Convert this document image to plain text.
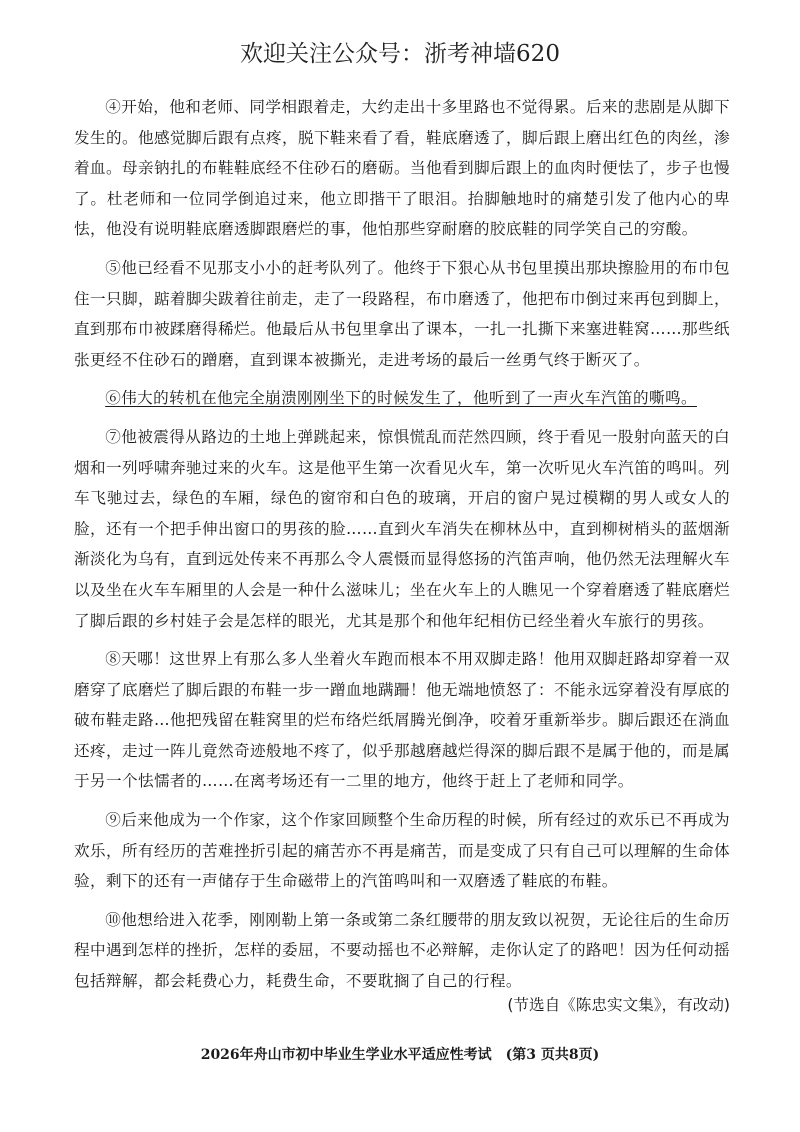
欢迎关注公众号：浙考神墙620

④开始，他和老师、同学相跟着走，大约走出十多里路也不觉得累。后来的悲剧是从脚下发生的。他感觉脚后跟有点疼，脱下鞋来看了看，鞋底磨透了，脚后跟上磨出红色的肉丝，渗着血。母亲钠扎的布鞋鞋底经不住砂石的磨砺。当他看到脚后跟上的血肉时便怯了，步子也慢了。杜老师和一位同学倒追过来，他立即揩干了眼泪。抬脚触地时的痛楚引发了他内心的卑怯，他没有说明鞋底磨透脚跟磨烂的事，他怕那些穿耐磨的胶底鞋的同学笑自己的穷酸。

⑤他已经看不见那支小小的赶考队列了。他终于下狠心从书包里摸出那块擦脸用的布巾包住一只脚，踮着脚尖跋着往前走，走了一段路程，布巾磨透了，他把布巾倒过来再包到脚上，直到那布巾被蹂磨得稀烂。他最后从书包里拿出了课本，一扎一扎撕下来塞进鞋窝……那些纸张更经不住砂石的蹭磨，直到课本被撕光，走进考场的最后一丝勇气终于断灭了。

⑥伟大的转机在他完全崩溃刚刚坐下的时候发生了，他听到了一声火车汽笛的嘶鸣。

⑦他被震得从路边的土地上弹跳起来，惊惧慌乱而茫然四顾，终于看见一股射向蓝天的白烟和一列呼啸奔驰过来的火车。这是他平生第一次看见火车，第一次听见火车汽笛的鸣叫。列车飞驰过去，绿色的车厢，绿色的窗帘和白色的玻璃，开启的窗户晃过模糊的男人或女人的脸，还有一个把手伸出窗口的男孩的脸……直到火车消失在柳林丛中，直到柳树梢头的蓝烟渐渐淡化为乌有，直到远处传来不再那么令人震慑而显得悠扬的汽笛声响，他仍然无法理解火车以及坐在火车车厢里的人会是一种什么滋味儿；坐在火车上的人瞧见一个穿着磨透了鞋底磨烂了脚后跟的乡村娃子会是怎样的眼光，尤其是那个和他年纪相仿已经坐着火车旅行的男孩。

⑧天哪！这世界上有那么多人坐着火车跑而根本不用双脚走路！他用双脚赶路却穿着一双磨穿了底磨烂了脚后跟的布鞋一步一蹭血地蹒跚！他无端地愤怒了：不能永远穿着没有厚底的破布鞋走路…他把残留在鞋窝里的烂布络烂纸屑腾光倒净，咬着牙重新举步。脚后跟还在淌血还疼，走过一阵儿竟然奇迹般地不疼了，似乎那越磨越烂得深的脚后跟不是属于他的，而是属于另一个怯懦者的……在离考场还有一二里的地方，他终于赶上了老师和同学。

⑨后来他成为一个作家，这个作家回顾整个生命历程的时候，所有经过的欢乐已不再成为欢乐，所有经历的苦难挫折引起的痛苦亦不再是痛苦，而是变成了只有自己可以理解的生命体验，剩下的还有一声储存于生命磁带上的汽笛鸣叫和一双磨透了鞋底的布鞋。

⑩他想给进入花季，刚刚勒上第一条或第二条红腰带的朋友致以祝贺，无论往后的生命历程中遇到怎样的挫折，怎样的委屈，不要动摇也不必辩解，走你认定了的路吧！因为任何动摇包括辩解，都会耗费心力，耗费生命，不要耽搁了自己的行程。

(节选自《陈忠实文集》，有改动)
2026年舟山市初中毕业生学业水平适应性考试　(第3 页共8页)
